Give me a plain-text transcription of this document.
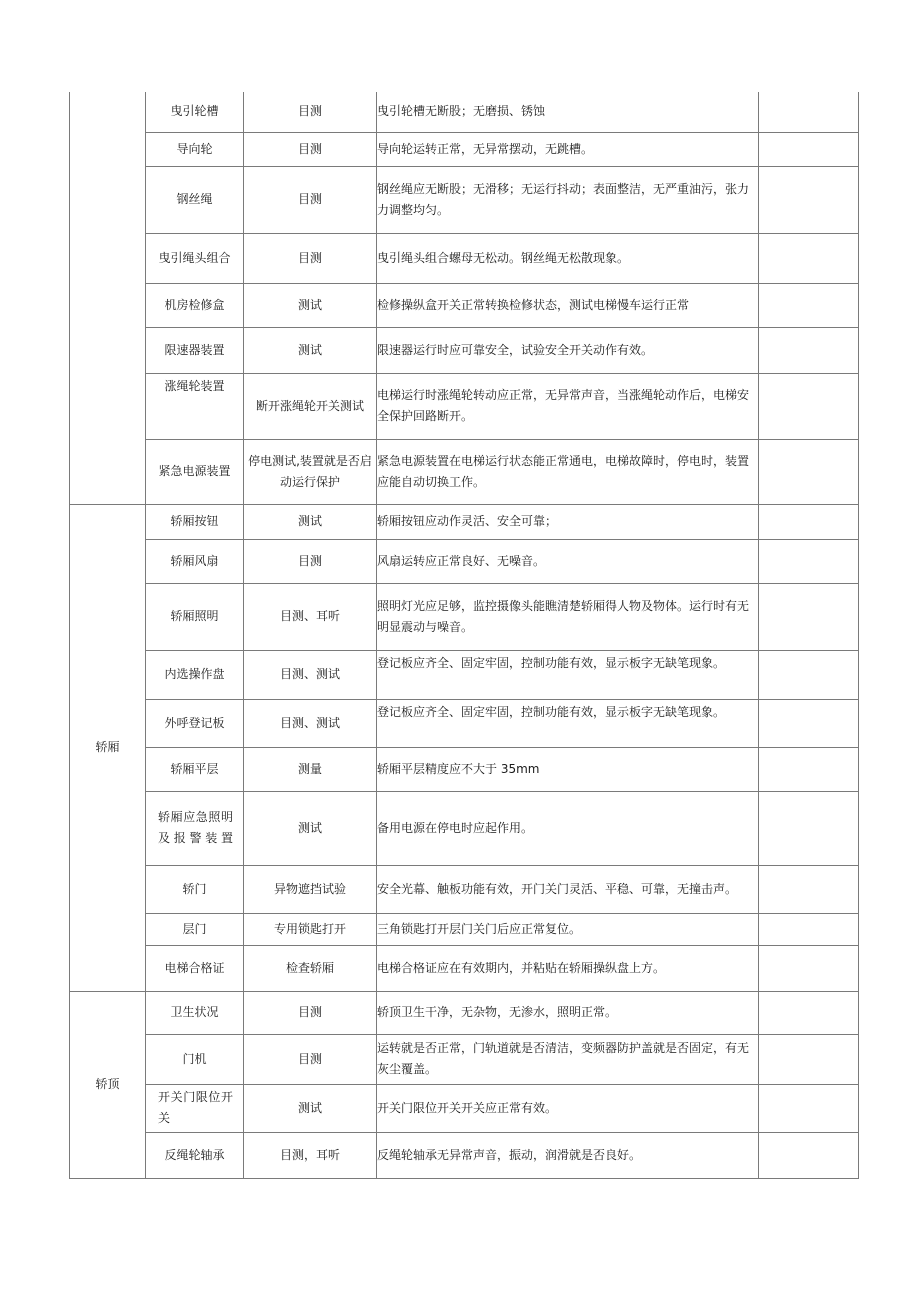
	曳引轮槽	目测	曳引轮槽无断股；无磨损、锈蚀	
	导向轮	目测	导向轮运转正常，无异常摆动，无跳槽。	
	钢丝绳	目测	钢丝绳应无断股；无滑移；无运行抖动；表面整洁，无严重油污，张力力调整均匀。	
	曳引绳头组合	目测	曳引绳头组合螺母无松动。钢丝绳无松散现象。	
	机房检修盒	测试	检修操纵盒开关正常转换检修状态，测试电梯慢车运行正常	
	限速器装置	测试	限速器运行时应可靠安全，试验安全开关动作有效。	
	涨绳轮装置	断开涨绳轮开关测试	电梯运行时涨绳轮转动应正常，无异常声音，当涨绳轮动作后，电梯安全保护回路断开。	
	紧急电源装置	停电测试,装置就是否启动运行保护	紧急电源装置在电梯运行状态能正常通电，电梯故障时，停电时，装置应能自动切换工作。	
轿厢	轿厢按钮	测试	轿厢按钮应动作灵活、安全可靠；	
	轿厢风扇	目测	风扇运转应正常良好、无噪音。	
	轿厢照明	目测、耳听	照明灯光应足够，监控摄像头能瞧清楚轿厢得人物及物体。运行时有无明显震动与噪音。	
	内选操作盘	目测、测试	登记板应齐全、固定牢固，控制功能有效，显示板字无缺笔现象。	
	外呼登记板	目测、测试	登记板应齐全、固定牢固，控制功能有效，显示板字无缺笔现象。	
	轿厢平层	测量	轿厢平层精度应不大于 35mm	
	轿厢应急照明及报警装置	测试	备用电源在停电时应起作用。	
	轿门	异物遮挡试验	安全光幕、触板功能有效，开门关门灵活、平稳、可靠，无撞击声。	
	层门	专用锁匙打开	三角锁匙打开层门关门后应正常复位。	
	电梯合格证	检查轿厢	电梯合格证应在有效期内，并粘贴在轿厢操纵盘上方。	
轿顶	卫生状况	目测	轿顶卫生干净，无杂物，无渗水，照明正常。	
	门机	目测	运转就是否正常，门轨道就是否清洁，变频器防护盖就是否固定，有无灰尘覆盖。	
	开关门限位开关	测试	开关门限位开关开关应正常有效。	
	反绳轮轴承	目测，耳听	反绳轮轴承无异常声音，振动，润滑就是否良好。	
